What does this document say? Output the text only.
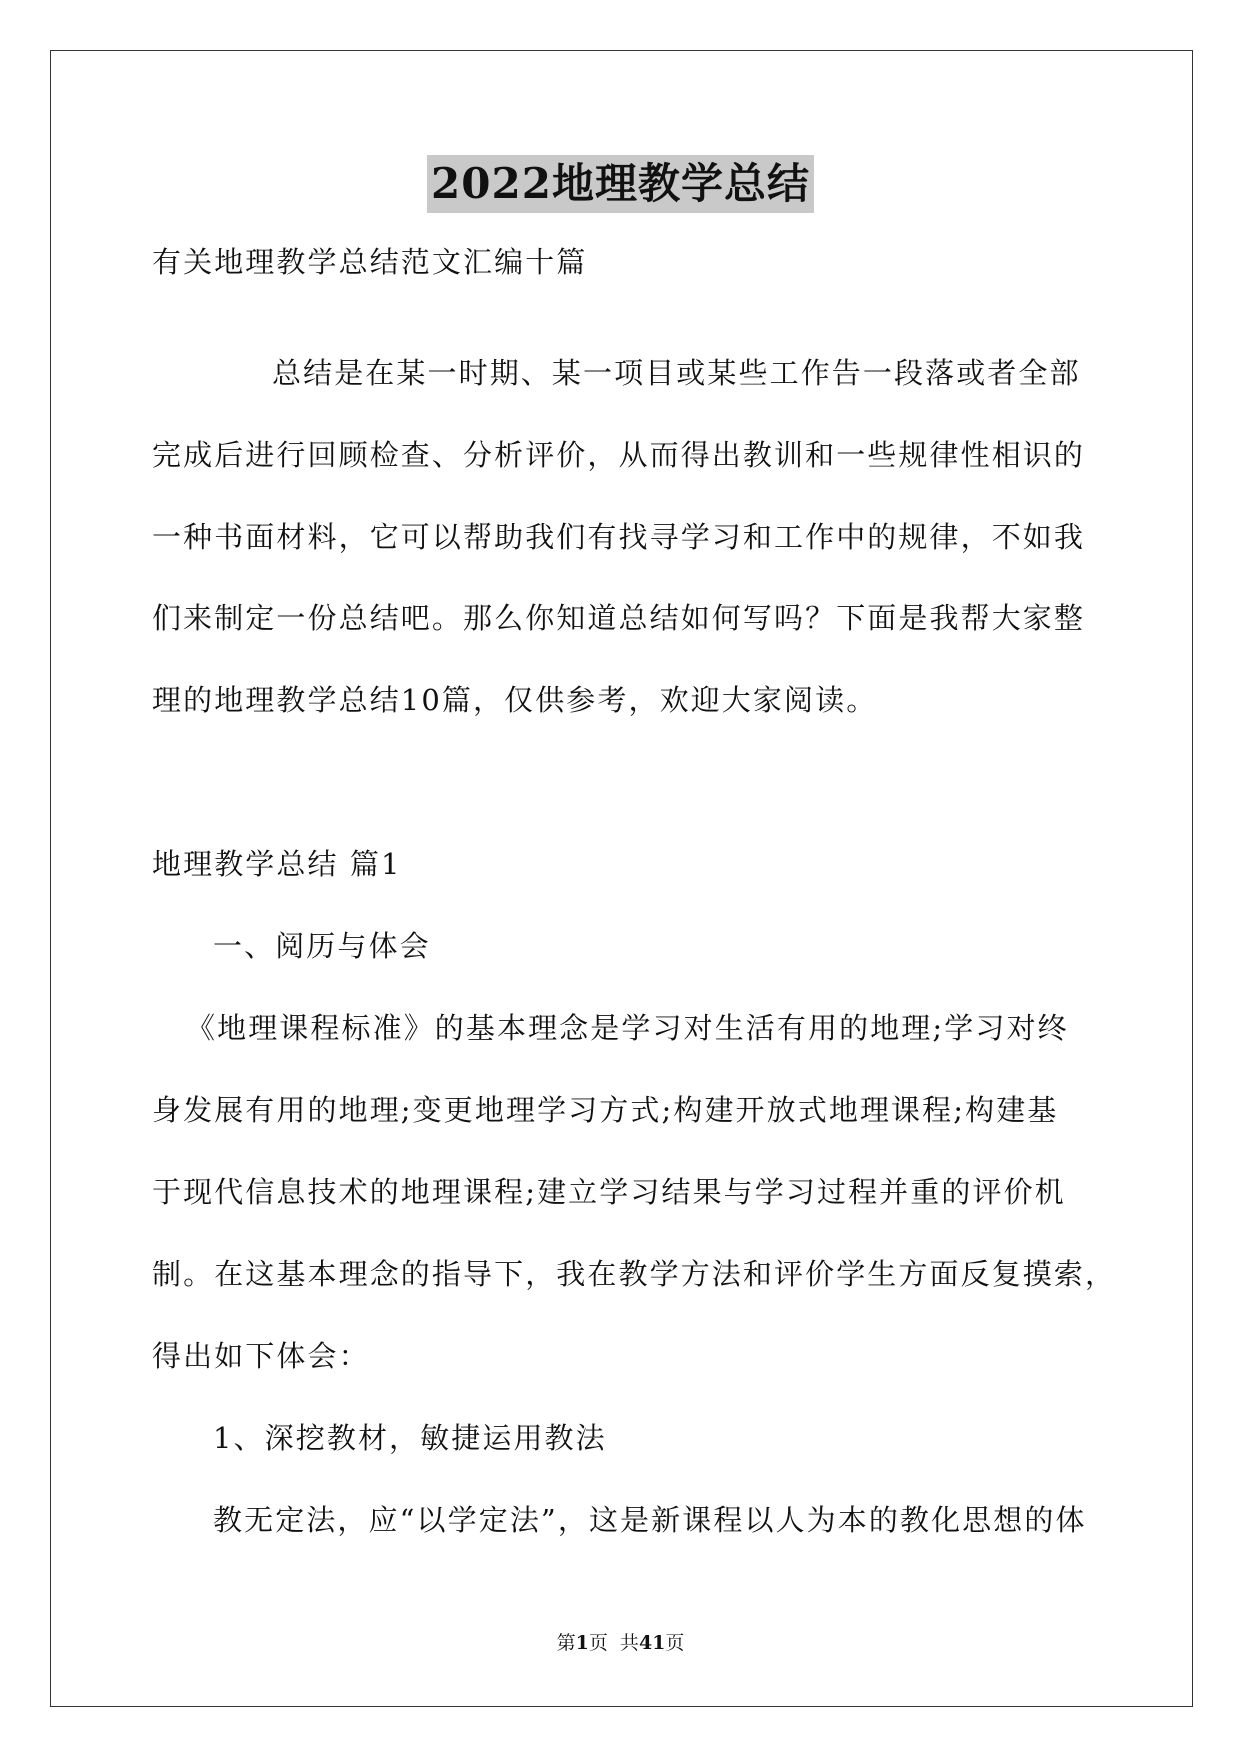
2022地理教学总结
有关地理教学总结范文汇编十篇
总结是在某一时期、某一项目或某些工作告一段落或者全部
完成后进行回顾检查、分析评价，从而得出教训和一些规律性相识的
一种书面材料，它可以帮助我们有找寻学习和工作中的规律，不如我
们来制定一份总结吧。那么你知道总结如何写吗？下面是我帮大家整
理的地理教学总结10篇，仅供参考，欢迎大家阅读。
地理教学总结 篇1
一、阅历与体会
《地理课程标准》的基本理念是学习对生活有用的地理;学习对终
身发展有用的地理;变更地理学习方式;构建开放式地理课程;构建基
于现代信息技术的地理课程;建立学习结果与学习过程并重的评价机
制。在这基本理念的指导下，我在教学方法和评价学生方面反复摸索，
得出如下体会：
1、深挖教材，敏捷运用教法
教无定法，应“以学定法”，这是新课程以人为本的教化思想的体
第1页  共41页
